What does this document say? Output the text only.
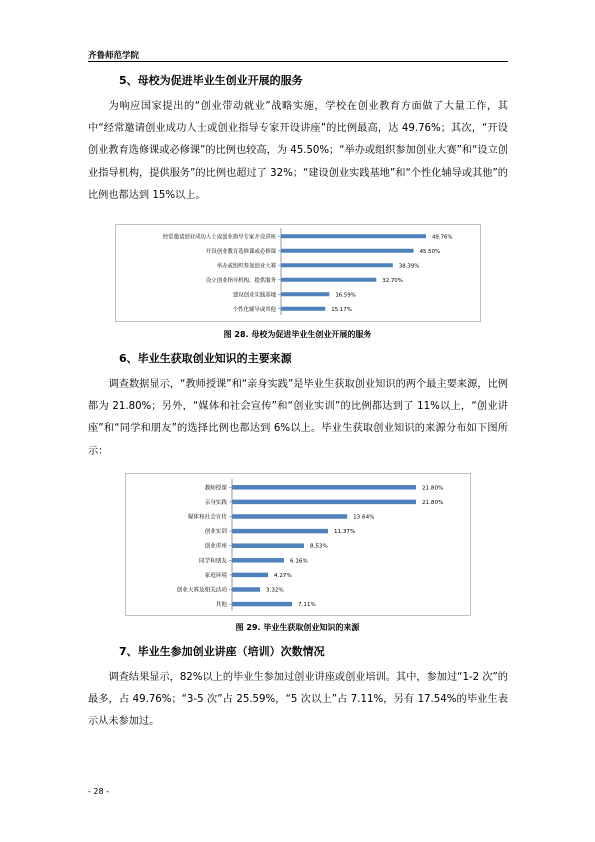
齐鲁师范学院
5、母校为促进毕业生创业开展的服务

为响应国家提出的“创业带动就业”战略实施，学校在创业教育方面做了大量工作，其中“经常邀请创业成功人士或创业指导专家开设讲座”的比例最高，达 49.76%；其次，“开设创业教育选修课或必修课”的比例也较高，为 45.50%；“举办或组织参加创业大赛”和“设立创业指导机构，提供服务”的比例也超过了 32%；“建设创业实践基地”和“个性化辅导或其他”的比例也都达到 15%以上。

经常邀请创业成功人士或创业指导专家开设讲座	49.76%
开设创业教育选修课或必修课	45.50%
举办或组织参加创业大赛	38.39%
设立创业指导机构，提供服务	32.70%
建设创业实践基地	16.59%
个性化辅导或其他	15.17%
图 28. 母校为促进毕业生创业开展的服务
6、毕业生获取创业知识的主要来源

调查数据显示，“教师授课”和“亲身实践”是毕业生获取创业知识的两个最主要来源，比例都为 21.80%；另外，“媒体和社会宣传”和“创业实训”的比例都达到了 11%以上，“创业讲座”和“同学和朋友”的选择比例也都达到 6%以上。毕业生获取创业知识的来源分布如下图所示：

教师授课	21.80%
亲身实践	21.80%
媒体和社会宣传	13.64%
创业实训	11.37%
创业讲座	8.53%
同学和朋友	6.16%
家庭环境	4.27%
创业大赛及相关活动	3.32%
其他	7.11%
图 29. 毕业生获取创业知识的来源
7、毕业生参加创业讲座（培训）次数情况

调查结果显示，82%以上的毕业生参加过创业讲座或创业培训。其中，参加过“1-2 次”的最多，占 49.76%；“3-5 次”占 25.59%，“5 次以上”占 7.11%，另有 17.54%的毕业生表示从未参加过。

- 28 -
